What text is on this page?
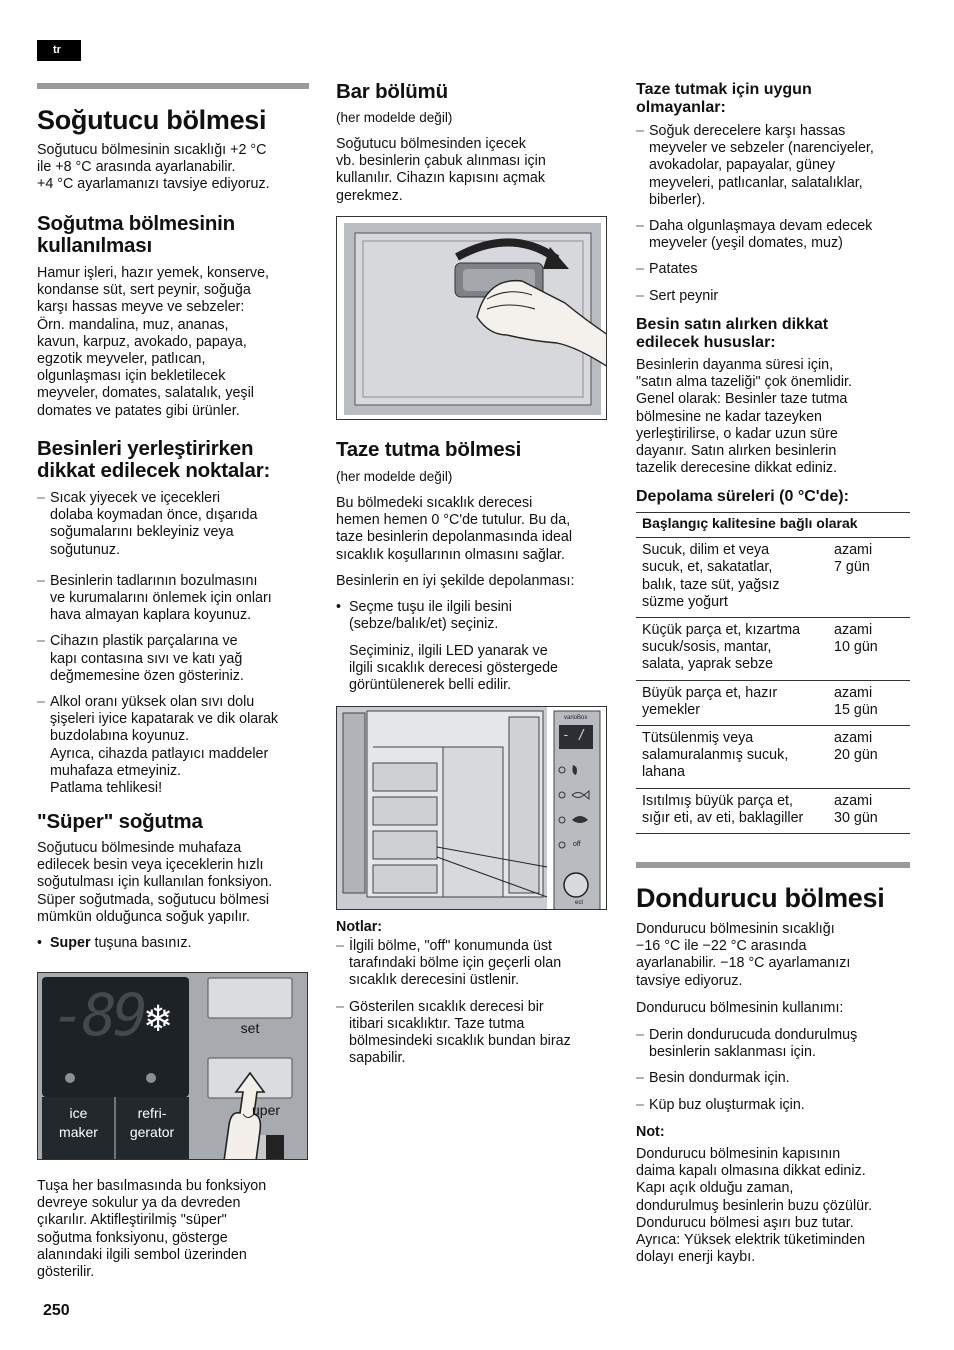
tr
Soğutucu bölmesi

Soğutucu bölmesinin sıcaklığı +2 °C
ile +8 °C arasında ayarlanabilir.
+4 °C ayarlamanızı tavsiye ediyoruz.

Soğutma bölmesinin
kullanılması

Hamur işleri, hazır yemek, konserve,
kondanse süt, sert peynir, soğuğa
karşı hassas meyve ve sebzeler:
Örn. mandalina, muz, ananas,
kavun, karpuz, avokado, papaya,
egzotik meyveler, patlıcan,
olgunlaşması için bekletilecek
meyveler, domates, salatalık, yeşil
domates ve patates gibi ürünler.

Besinleri yerleştirirken
dikkat edilecek noktalar:
– Sıcak yiyecek ve içecekleri
dolaba koymadan önce, dışarıda
soğumalarını bekleyiniz veya
soğutunuz.
– Besinlerin tadlarının bozulmasını
ve kurumalarını önlemek için onları
hava almayan kaplara koyunuz.
– Cihazın plastik parçalarına ve
kapı contasına sıvı ve katı yağ
değmemesine özen gösteriniz.
– Alkol oranı yüksek olan sıvı dolu
şişeleri iyice kapatarak ve dik olarak
buzdolabına koyunuz.
Ayrıca, cihazda patlayıcı maddeler
muhafaza etmeyiniz.
Patlama tehlikesi!
"Süper" soğutma

Soğutucu bölmesinde muhafaza
edilecek besin veya içeceklerin hızlı
soğutulması için kullanılan fonksiyon.
Süper soğutmada, soğutucu bölmesi
mümkün olduğunca soğuk yapılır.

• Super tuşuna basınız.
-89 ❄	set
uper
ice
maker
refri-
gerator

Tuşa her basılmasında bu fonksiyon
devreye sokulur ya da devreden
çıkarılır. Aktifleştirilmiş "süper"
soğutma fonksiyonu, gösterge
alanındaki ilgili sembol üzerinden
gösterilir.

Bar bölümü

(her modelde değil)

Soğutucu bölmesinden içecek
vb. besinlerin çabuk alınması için
kullanılır. Cihazın kapısını açmak
gerekmez.

Taze tutma bölmesi

(her modelde değil)

Bu bölmedeki sıcaklık derecesi
hemen hemen 0 °C'de tutulur. Bu da,
taze besinlerin depolanmasında ideal
sıcaklık koşullarının olmasını sağlar.

Besinlerin en iyi şekilde depolanması:

• Seçme tuşu ile ilgili besini
(sebze/balık/et) seçiniz.

Seçiminiz, ilgili LED yanarak ve
ilgili sıcaklık derecesi göstergede
görüntülenerek belli edilir.

varioBox
- /
off
ect
Notlar:
– İlgili bölme, "off" konumunda üst
tarafındaki bölme için geçerli olan
sıcaklık derecesini üstlenir.
– Gösterilen sıcaklık derecesi bir
itibari sıcaklıktır. Taze tutma
bölmesindeki sıcaklık bundan biraz
sapabilir.
Taze tutmak için uygun
olmayanlar:
– Soğuk derecelere karşı hassas
meyveler ve sebzeler (narenciyeler,
avokadolar, papayalar, güney
meyveleri, patlıcanlar, salatalıklar,
biberler).
– Daha olgunlaşmaya devam edecek
meyveler (yeşil domates, muz)
– Patates
– Sert peynir
Besin satın alırken dikkat
edilecek hususlar:

Besinlerin dayanma süresi için,
"satın alma tazeliği" çok önemlidir.
Genel olarak: Besinler taze tutma
bölmesine ne kadar tazeyken
yerleştirilirse, o kadar uzun süre
dayanır. Satın alırken besinlerin
tazelik derecesine dikkat ediniz.

Depolama süreleri (0 °C'de):
Başlangıç kalitesine bağlı olarak	
Sucuk, dilim et veya
sucuk, et, sakatatlar,
balık, taze süt, yağsız
süzme yoğurt	azami
7 gün
Küçük parça et, kızartma
sucuk/sosis, mantar,
salata, yaprak sebze	azami
10 gün
Büyük parça et, hazır
yemekler	azami
15 gün
Tütsülenmiş veya
salamuralanmış sucuk,
lahana	azami
20 gün
Isıtılmış büyük parça et,
sığır eti, av eti, baklagiller	azami
30 gün
Dondurucu bölmesi

Dondurucu bölmesinin sıcaklığı
−16 °C ile −22 °C arasında
ayarlanabilir. −18 °C ayarlamanızı
tavsiye ediyoruz.

Dondurucu bölmesinin kullanımı:

– Derin dondurucuda dondurulmuş
besinlerin saklanması için.
– Besin dondurmak için.
– Küp buz oluşturmak için.
Not:

Dondurucu bölmesinin kapısının
daima kapalı olmasına dikkat ediniz.
Kapı açık olduğu zaman,
dondurulmuş besinlerin buzu çözülür.
Dondurucu bölmesi aşırı buz tutar.
Ayrıca: Yüksek elektrik tüketiminden
dolayı enerji kaybı.

250
